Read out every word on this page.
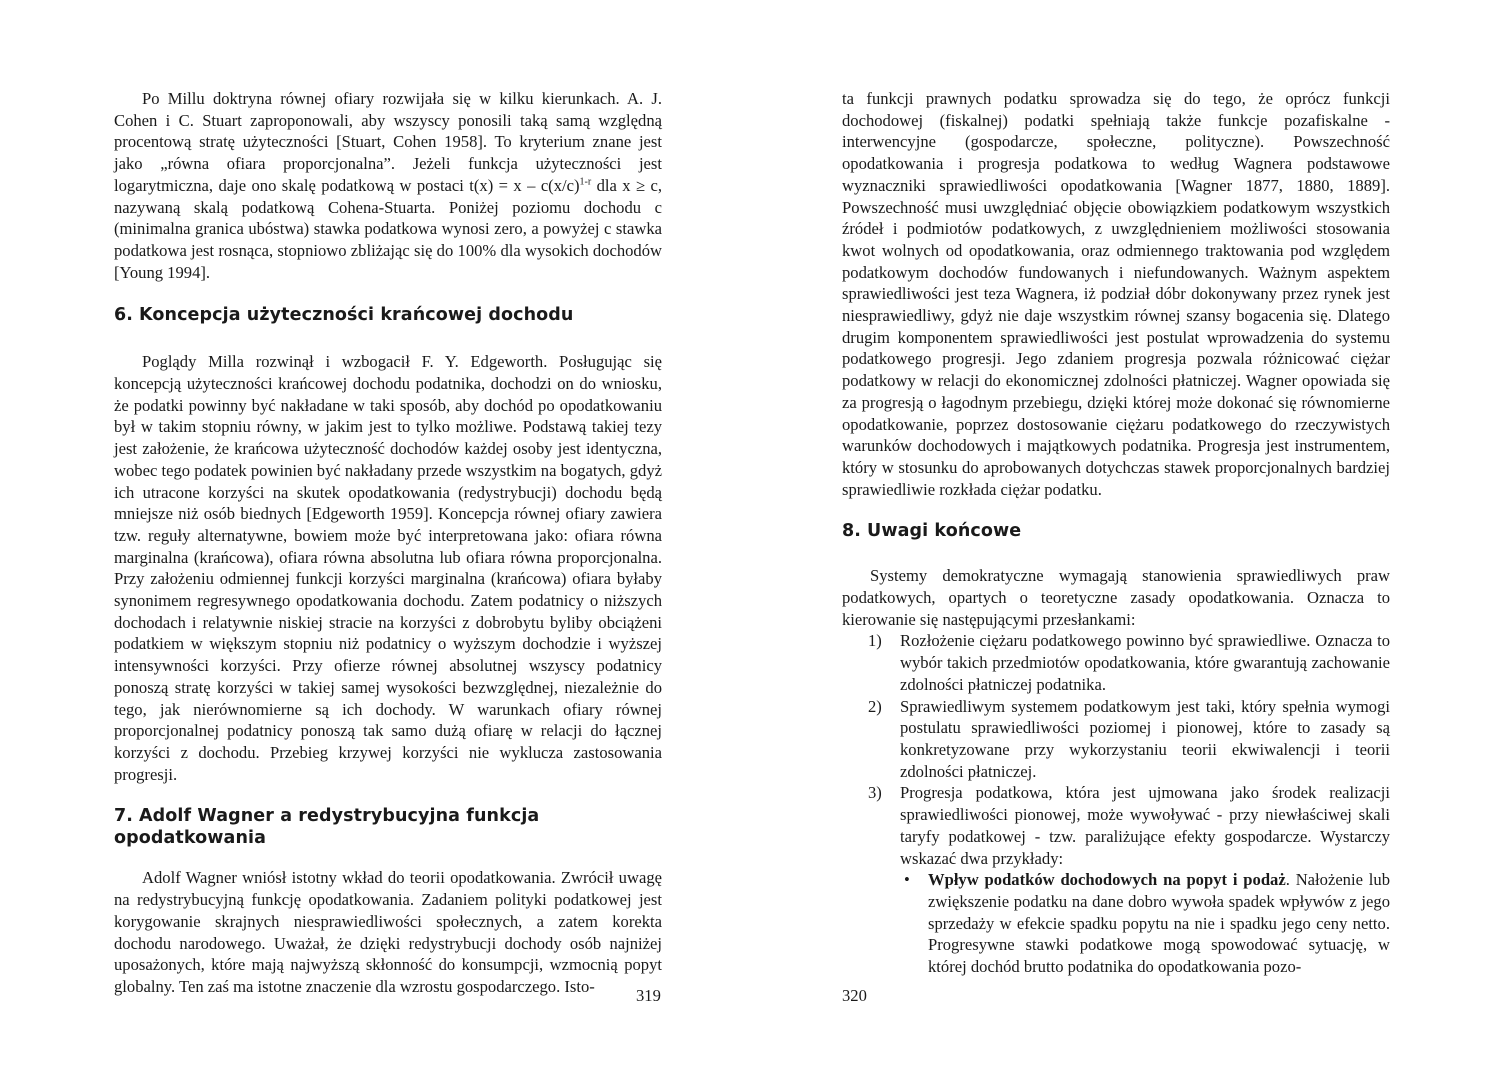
Po Millu doktryna równej ofiary rozwijała się w kilku kierunkach. A. J. Cohen i C. Stuart zaproponowali, aby wszyscy ponosili taką samą względną procentową stratę użyteczności [Stuart, Cohen 1958]. To kryterium znane jest jako „równa ofiara proporcjonalna”. Jeżeli funkcja użyteczności jest logarytmiczna, daje ono skalę podatkową w postaci $t(x) = x - c(x/c)^{1-r}$ dla x ≥ c, nazywaną skalą podatkową Cohena-Stuarta. Poniżej poziomu dochodu c (minimalna granica ubóstwa) stawka podatkowa wynosi zero, a powyżej c stawka podatkowa jest rosnąca, stopniowo zbliżając się do 100% dla wysokich dochodów [Young 1994].

6. Koncepcja użyteczności krańcowej dochodu

Poglądy Milla rozwinął i wzbogacił F. Y. Edgeworth. Posługując się koncepcją użyteczności krańcowej dochodu podatnika, dochodzi on do wniosku, że podatki powinny być nakładane w taki sposób, aby dochód po opodatkowaniu był w takim stopniu równy, w jakim jest to tylko możliwe. Podstawą takiej tezy jest założenie, że krańcowa użyteczność dochodów każdej osoby jest identyczna, wobec tego podatek powinien być nakładany przede wszystkim na bogatych, gdyż ich utracone korzyści na skutek opodatkowania (redystrybucji) dochodu będą mniejsze niż osób biednych [Edgeworth 1959]. Koncepcja równej ofiary zawiera tzw. reguły alternatywne, bowiem może być interpretowana jako: ofiara równa marginalna (krańcowa), ofiara równa absolutna lub ofiara równa proporcjonalna. Przy założeniu odmiennej funkcji korzyści marginalna (krańcowa) ofiara byłaby synonimem regresywnego opodatkowania dochodu. Zatem podatnicy o niższych dochodach i relatywnie niskiej stracie na korzyści z dobrobytu byliby obciążeni podatkiem w większym stopniu niż podatnicy o wyższym dochodzie i wyższej intensywności korzyści. Przy ofierze równej absolutnej wszyscy podatnicy ponoszą stratę korzyści w takiej samej wysokości bezwzględnej, niezależnie do tego, jak nierównomierne są ich dochody. W warunkach ofiary równej proporcjonalnej podatnicy ponoszą tak samo dużą ofiarę w relacji do łącznej korzyści z dochodu. Przebieg krzywej korzyści nie wyklucza zastosowania progresji.

7. Adolf Wagner a redystrybucyjna funkcja opodatkowania

Adolf Wagner wniósł istotny wkład do teorii opodatkowania. Zwrócił uwagę na redystrybucyjną funkcję opodatkowania. Zadaniem polityki podatkowej jest korygowanie skrajnych niesprawiedliwości społecznych, a zatem korekta dochodu narodowego. Uważał, że dzięki redystrybucji dochody osób najniżej uposażonych, które mają najwyższą skłonność do konsumpcji, wzmocnią popyt globalny. Ten zaś ma istotne znaczenie dla wzrostu gospodarczego. Isto-	319

ta funkcji prawnych podatku sprowadza się do tego, że oprócz funkcji dochodowej (fiskalnej) podatki spełniają także funkcje pozafiskalne - interwencyjne (gospodarcze, społeczne, polityczne). Powszechność opodatkowania i progresja podatkowa to według Wagnera podstawowe wyznaczniki sprawiedliwości opodatkowania [Wagner 1877, 1880, 1889]. Powszechność musi uwzględniać objęcie obowiązkiem podatkowym wszystkich źródeł i podmiotów podatkowych, z uwzględnieniem możliwości stosowania kwot wolnych od opodatkowania, oraz odmiennego traktowania pod względem podatkowym dochodów fundowanych i niefundowanych. Ważnym aspektem sprawiedliwości jest teza Wagnera, iż podział dóbr dokonywany przez rynek jest niesprawiedliwy, gdyż nie daje wszystkim równej szansy bogacenia się. Dlatego drugim komponentem sprawiedliwości jest postulat wprowadzenia do systemu podatkowego progresji. Jego zdaniem progresja pozwala różnicować ciężar podatkowy w relacji do ekonomicznej zdolności płatniczej. Wagner opowiada się za progresją o łagodnym przebiegu, dzięki której może dokonać się równomierne opodatkowanie, poprzez dostosowanie ciężaru podatkowego do rzeczywistych warunków dochodowych i majątkowych podatnika. Progresja jest instrumentem, który w stosunku do aprobowanych dotychczas stawek proporcjonalnych bardziej sprawiedliwie rozkłada ciężar podatku.

8. Uwagi końcowe

Systemy demokratyczne wymagają stanowienia sprawiedliwych praw podatkowych, opartych o teoretyczne zasady opodatkowania. Oznacza to kierowanie się następującymi przesłankami:

1) Rozłożenie ciężaru podatkowego powinno być sprawiedliwe. Oznacza to wybór takich przedmiotów opodatkowania, które gwarantują zachowanie zdolności płatniczej podatnika.
2) Sprawiedliwym systemem podatkowym jest taki, który spełnia wymogi postulatu sprawiedliwości poziomej i pionowej, które to zasady są konkretyzowane przy wykorzystaniu teorii ekwiwalencji i teorii zdolności płatniczej.
3) Progresja podatkowa, która jest ujmowana jako środek realizacji sprawiedliwości pionowej, może wywoływać - przy niewłaściwej skali taryfy podatkowej - tzw. paraliżujące efekty gospodarcze. Wystarczy wskazać dwa przykłady:
• Wpływ podatków dochodowych na popyt i podaż. Nałożenie lub zwiększenie podatku na dane dobro wywoła spadek wpływów z jego sprzedaży w efekcie spadku popytu na nie i spadku jego ceny netto. Progresywne stawki podatkowe mogą spowodować sytuację, w której dochód brutto podatnika do opodatkowania pozo-
320
